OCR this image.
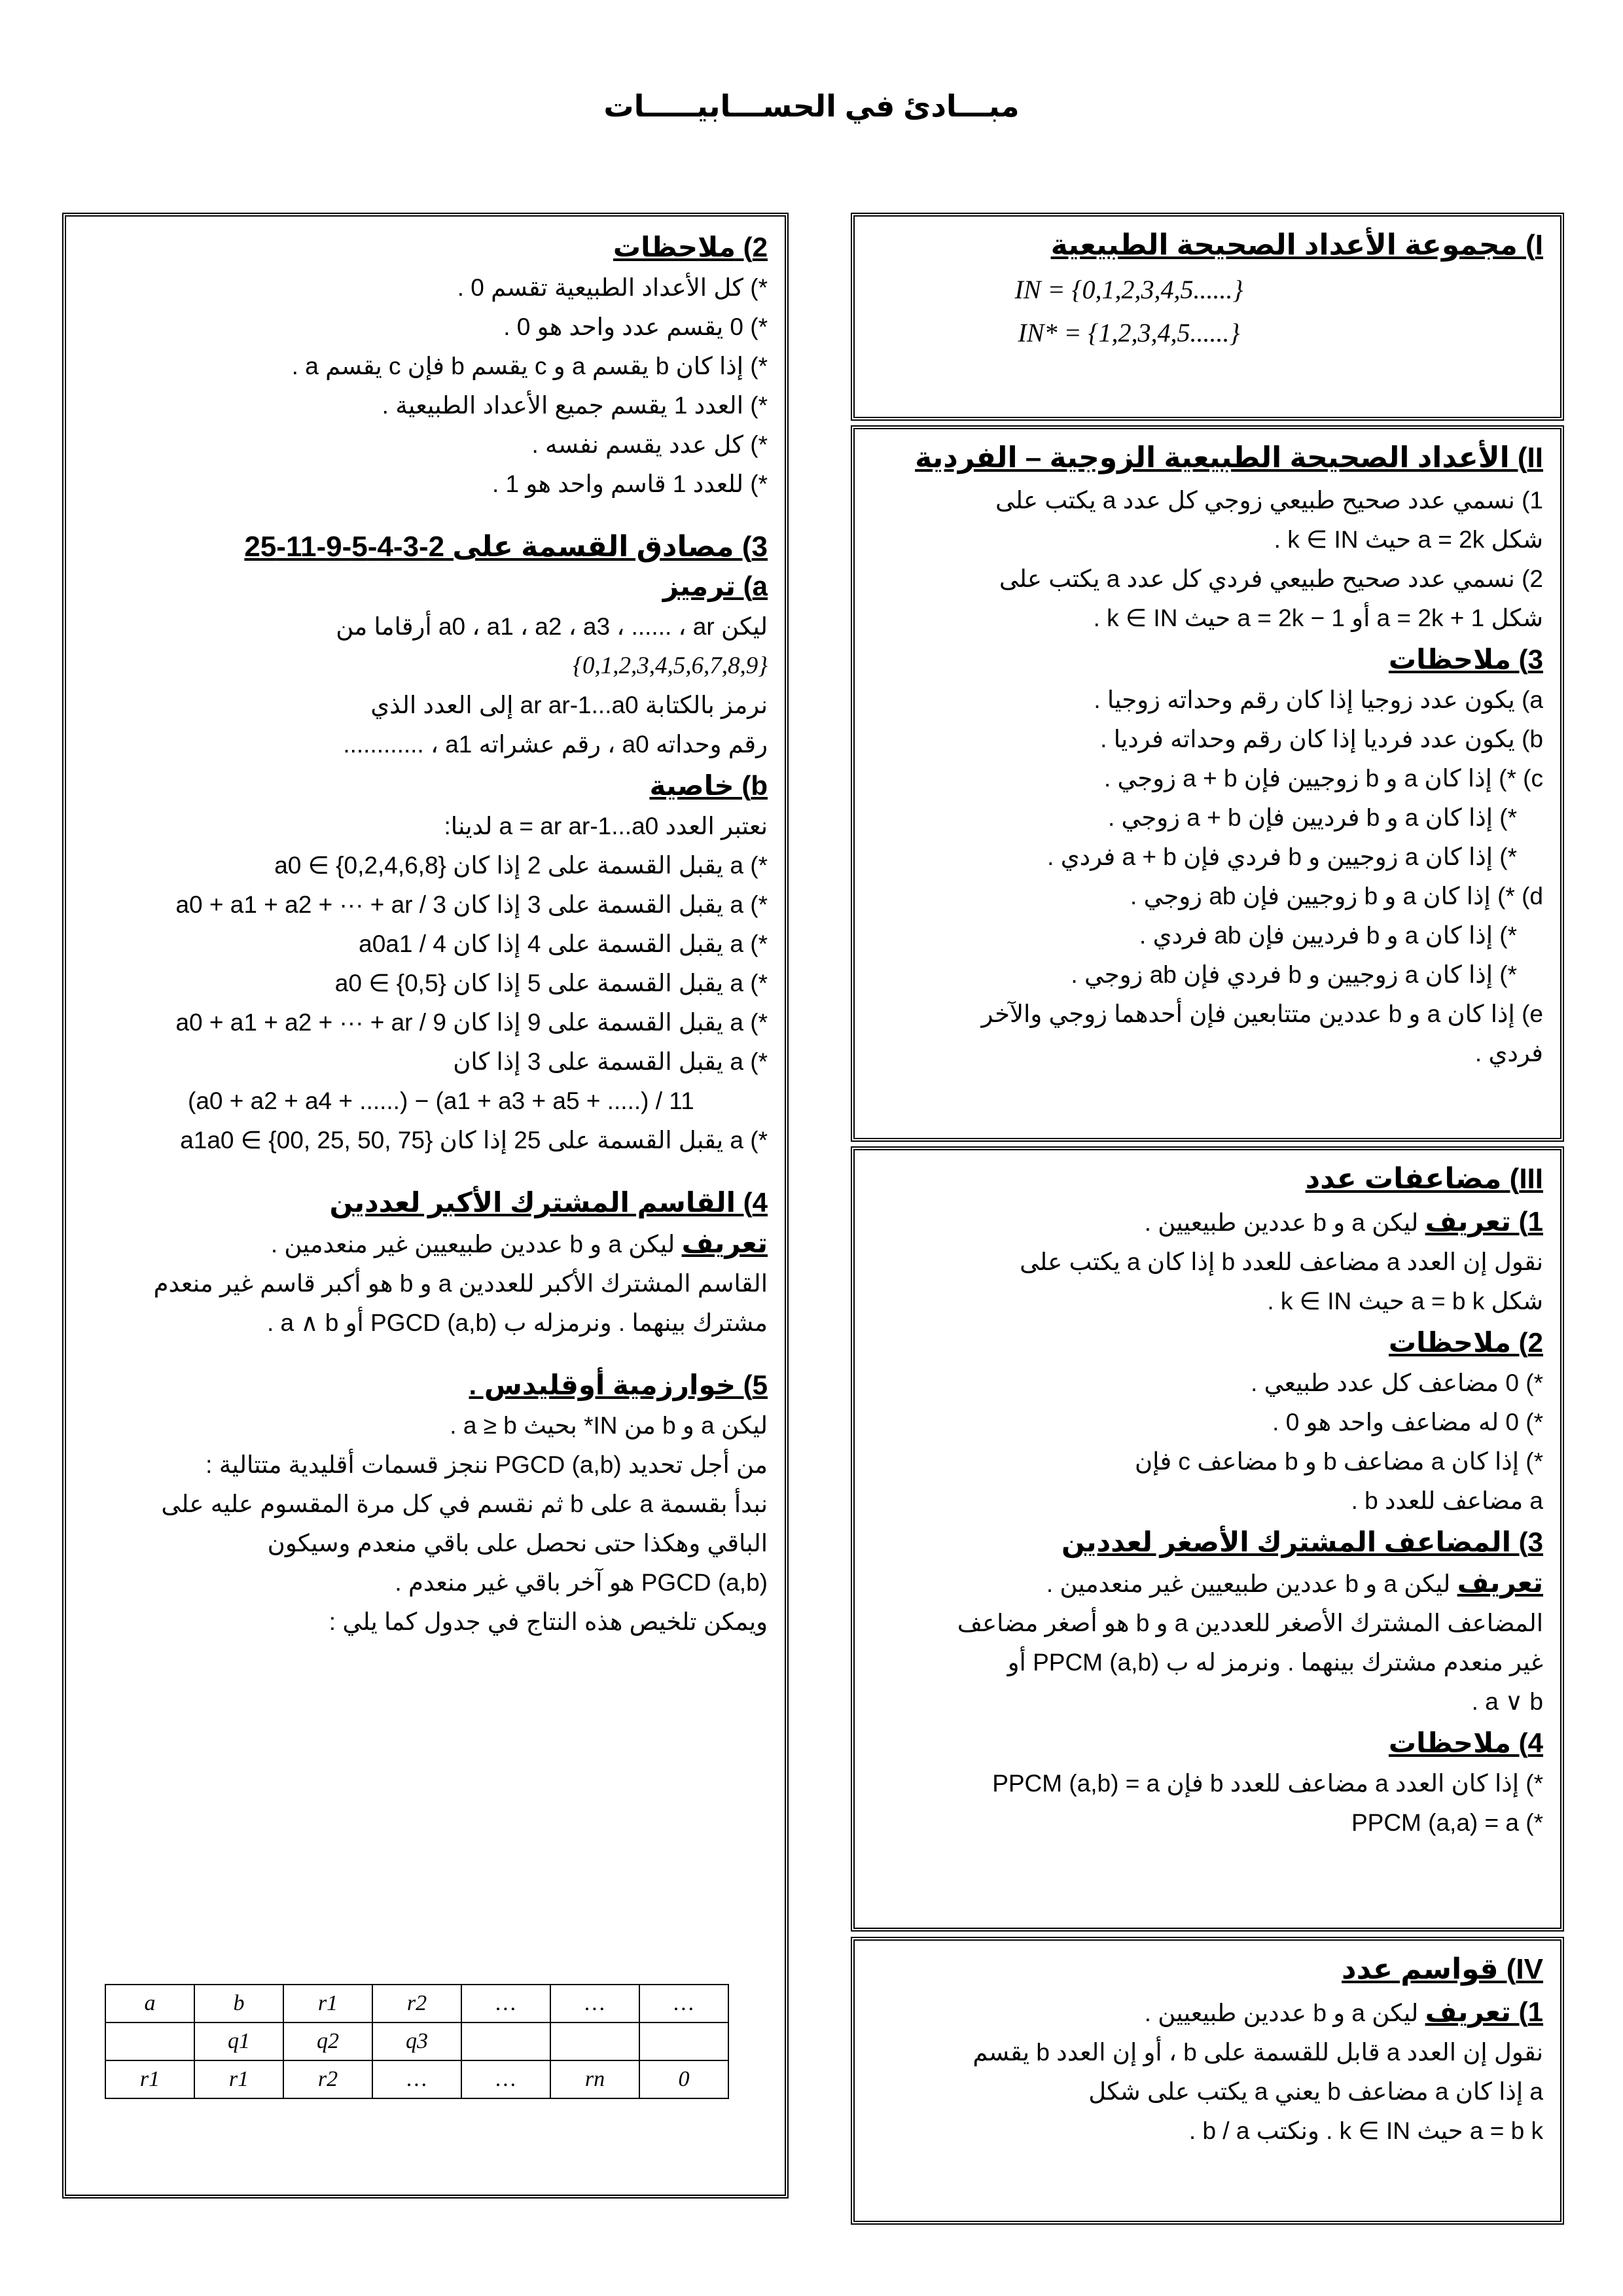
مبـــادئ في الحســـابيـــــات
I) مجموعة الأعداد الصحيحة الطبيعية
IN = {0,1,2,3,4,5......}
IN* = {1,2,3,4,5......}
II) الأعداد الصحيحة الطبيعية الزوجية – الفردية
1) نسمي عدد صحيح طبيعي زوجي كل عدد a يكتب على
شكل a = 2k حيث k ∈ IN .
2) نسمي عدد صحيح طبيعي فردي كل عدد a يكتب على
شكل a = 2k + 1 أو a = 2k − 1 حيث k ∈ IN .
3) ملاحظات
a) يكون عدد زوجيا إذا كان رقم وحداته زوجيا .
b) يكون عدد فرديا إذا كان رقم وحداته فرديا .
c) *) إذا كان a و b زوجيين فإن a + b زوجي .
*) إذا كان a و b فرديين فإن a + b زوجي .
*) إذا كان a زوجيين و b فردي فإن a + b فردي .
d) *) إذا كان a و b زوجيين فإن ab زوجي .
*) إذا كان a و b فرديين فإن ab فردي .
*) إذا كان a زوجيين و b فردي فإن ab زوجي .
e) إذا كان a و b عددين متتابعين فإن أحدهما زوجي والآخر
فردي .
III) مضاعفات عدد
1) تعريف ليكن a و b عددين طبيعيين .
نقول إن العدد a مضاعف للعدد b إذا كان a يكتب على
شكل a = b k حيث k ∈ IN .
2) ملاحظات
*) 0 مضاعف كل عدد طبيعي .
*) 0 له مضاعف واحد هو 0 .
*) إذا كان a مضاعف b و b مضاعف c فإن
a مضاعف للعدد b .
3) المضاعف المشترك الأصغر لعددين
تعريف ليكن a و b عددين طبيعيين غير منعدمين .
المضاعف المشترك الأصغر للعددين a و b هو أصغر مضاعف
غير منعدم مشترك بينهما . ونرمز له ب PPCM (a,b) أو
a ∨ b .
4) ملاحظات
*) إذا كان العدد a مضاعف للعدد b فإن PPCM (a,b) = a
*) PPCM (a,a) = a
IV) قواسم عدد
1) تعريف ليكن a و b عددين طبيعيين .
نقول إن العدد a قابل للقسمة على b ، أو إن العدد b يقسم
a إذا كان a مضاعف b يعني a يكتب على شكل
a = b k حيث k ∈ IN . ونكتب b / a .
2) ملاحظات
*) كل الأعداد الطبيعية تقسم 0 .
*) 0 يقسم عدد واحد هو 0 .
*) إذا كان b يقسم a و c يقسم b فإن c يقسم a .
*) العدد 1 يقسم جميع الأعداد الطبيعية .
*) كل عدد يقسم نفسه .
*) للعدد 1 قاسم واحد هو 1 .
3) مصادق القسمة على 2-3-4-5-9-11-25
a) ترميز
ليكن a0 ، a1 ، a2 ، a3 ، ...... ، ar أرقاما من
{0,1,2,3,4,5,6,7,8,9}
نرمز بالكتابة ar ar-1...a0 إلى العدد الذي
رقم وحداته a0 ، رقم عشراته a1 ، ............
b) خاصية
نعتبر العدد a = ar ar-1...a0 لدينا:
*) a يقبل القسمة على 2 إذا كان a0 ∈ {0,2,4,6,8}
*) a يقبل القسمة على 3 إذا كان 3 / a0 + a1 + a2 + ··· + ar
*) a يقبل القسمة على 4 إذا كان 4 / a0a1
*) a يقبل القسمة على 5 إذا كان a0 ∈ {0,5}
*) a يقبل القسمة على 9 إذا كان 9 / a0 + a1 + a2 + ··· + ar
*) a يقبل القسمة على 3 إذا كان
(a0 + a2 + a4 + ......) − (a1 + a3 + a5 + .....) / 11
*) a يقبل القسمة على 25 إذا كان a1a0 ∈ {00, 25, 50, 75}
4) القاسم المشترك الأكبر لعددين
تعريف ليكن a و b عددين طبيعيين غير منعدمين .
القاسم المشترك الأكبر للعددين a و b هو أكبر قاسم غير منعدم
مشترك بينهما . ونرمزله ب PGCD (a,b) أو a ∧ b .
5) خوارزمية أوقليدس .
ليكن a و b من IN* بحيث a ≥ b .
من أجل تحديد PGCD (a,b) ننجز قسمات أقليدية متتالية :
نبدأ بقسمة a على b ثم نقسم في كل مرة المقسوم عليه على
الباقي وهكذا حتى نحصل على باقي منعدم وسيكون
PGCD (a,b) هو آخر باقي غير منعدم .
ويمكن تلخيص هذه النتاج في جدول كما يلي :
a	b	r1	r2	…	…	…
	q1	q2	q3			
r1	r1	r2	…	…	rn	0
